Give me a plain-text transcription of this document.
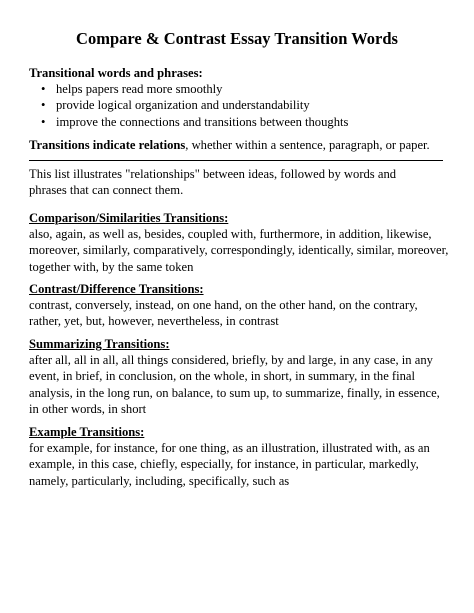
Compare & Contrast Essay Transition Words

Transitional words and phrases:

• helps papers read more smoothly
• provide logical organization and understandability
• improve the connections and transitions between thoughts

Transitions indicate relations, whether within a sentence, paragraph, or paper.

This list illustrates "relationships" between ideas, followed by words and phrases that can connect them.

Comparison/Similarities Transitions:

also, again, as well as, besides, coupled with, furthermore, in addition, likewise, moreover, similarly, comparatively, correspondingly, identically, similar, moreover, together with, by the same token

Contrast/Difference Transitions:

contrast, conversely, instead, on one hand, on the other hand, on the contrary, rather, yet, but, however, nevertheless, in contrast

Summarizing Transitions:

after all, all in all, all things considered, briefly, by and large, in any case, in any event, in brief, in conclusion, on the whole, in short, in summary, in the final analysis, in the long run, on balance, to sum up, to summarize, finally, in essence, in other words, in short

Example Transitions:

for example, for instance, for one thing, as an illustration, illustrated with, as an example, in this case, chiefly, especially, for instance, in particular, markedly, namely, particularly, including, specifically, such as
